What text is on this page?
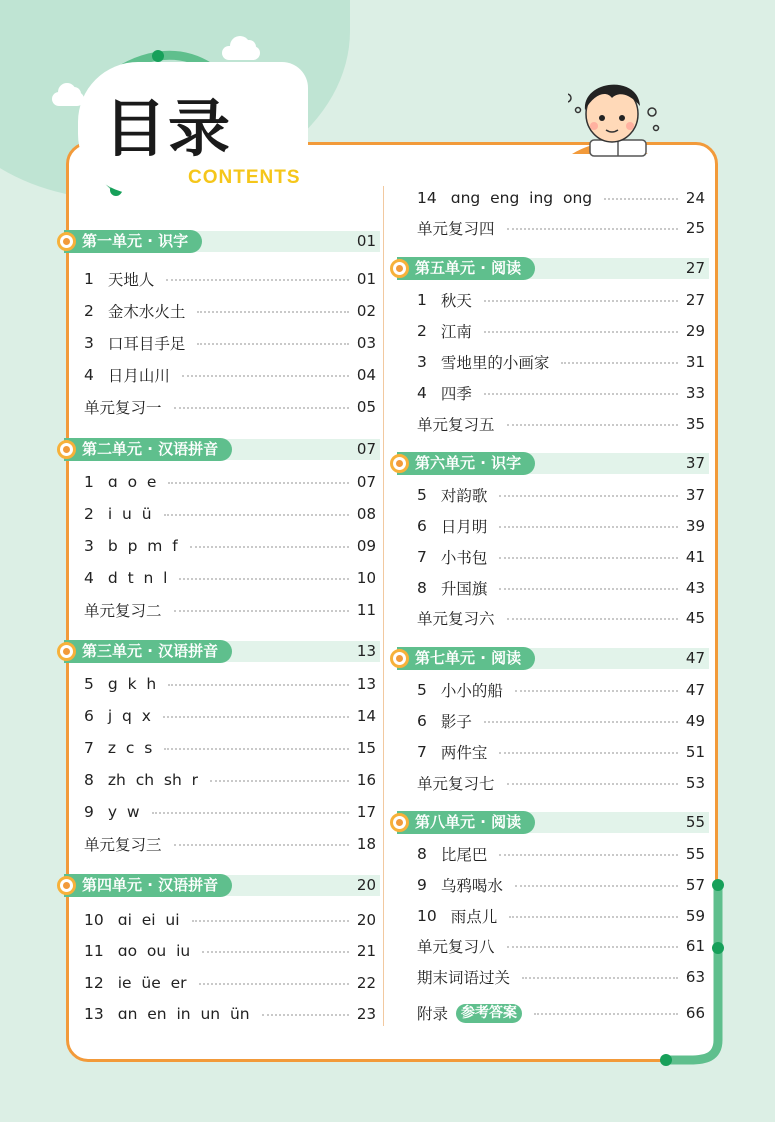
目录
CONTENTS
第一单元 · 识字	01
1 天地人	01
2 金木水火土	02
3 口耳目手足	03
4 日月山川	04
单元复习一	05
第二单元 · 汉语拼音	07
1 ɑ  o  e	07
2 i  u  ü	08
3 b  p  m  f	09
4 d  t  n  l	10
单元复习二	11
第三单元 · 汉语拼音	13
5 g  k  h	13
6 j  q  x	14
7 z  c  s	15
8 zh  ch  sh  r	16
9 y  w	17
单元复习三	18
第四单元 · 汉语拼音	20
10 ɑi  ei  ui	20
11 ɑo  ou  iu	21
12 ie  üe  er	22
13 ɑn  en  in  un  ün	23
14 ɑng  eng  ing  ong	24
单元复习四	25
第五单元 · 阅读	27
1 秋天	27
2 江南	29
3 雪地里的小画家	31
4 四季	33
单元复习五	35
第六单元 · 识字	37
5 对韵歌	37
6 日月明	39
7 小书包	41
8 升国旗	43
单元复习六	45
第七单元 · 阅读	47
5 小小的船	47
6 影子	49
7 两件宝	51
单元复习七	53
第八单元 · 阅读	55
8 比尾巴	55
9 乌鸦喝水	57
10 雨点儿	59
单元复习八	61
期末词语过关	63
附录 参考答案	66
